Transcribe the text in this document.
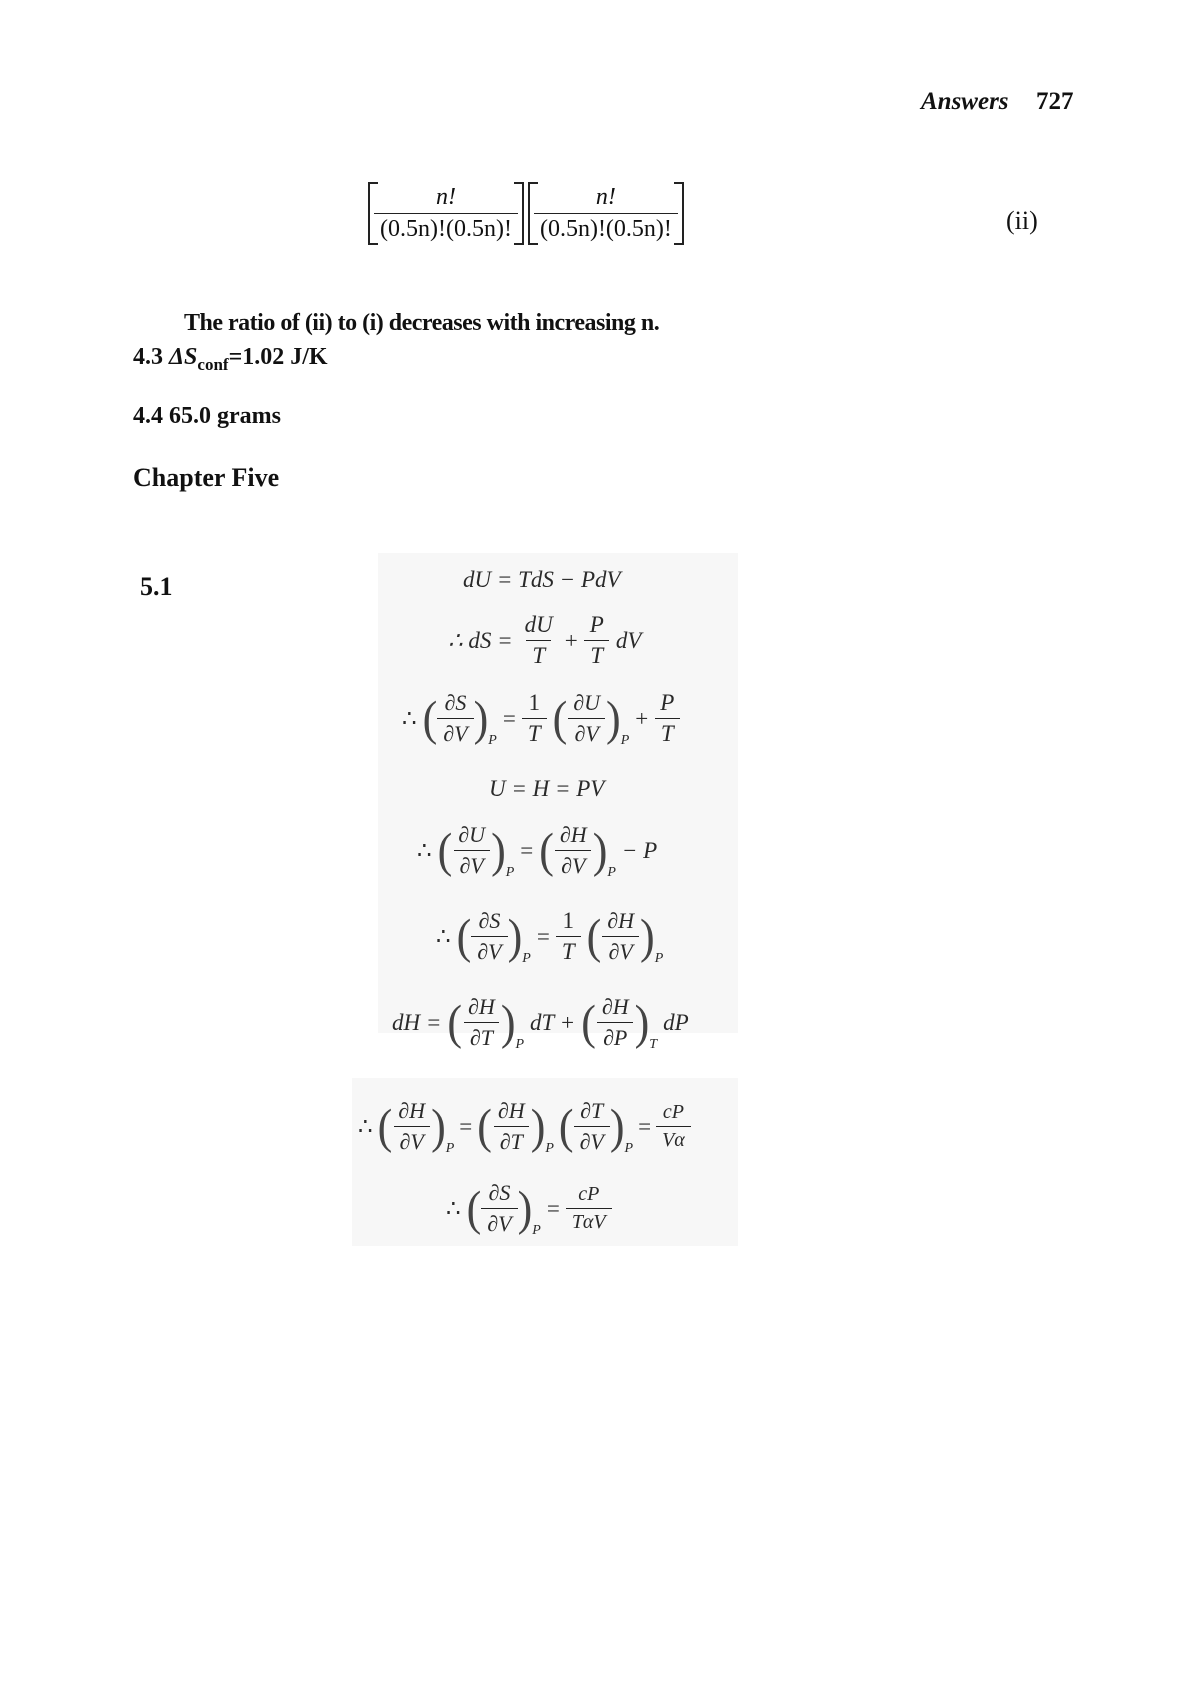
Answers 727
$\frac{n!}{(0.5n)!(0.5n)!} \frac{n!}{(0.5n)!(0.5n)!}$	(ii)
The ratio of (ii) to (i) decreases with increasing n.
4.3 $\Delta S_{conf}=1.02$ J/K
4.4 65.0 grams
Chapter Five
5.1	dU = TdS − PdV
∴ dS = $\frac{dU}{T} + \frac{P}{T}$ dV
∴ ( $\frac{\partial S}{\partial V}$ ) P
= $\frac{1}{T}$ ( $\frac{\partial U}{\partial V}$ ) P
+ $\frac{P}{T}$
U = H = PV
∴ ( $\frac{\partial U}{\partial V}$ ) P
= ( $\frac{\partial H}{\partial V}$ ) P
− P
∴ ( $\frac{\partial S}{\partial V}$ ) P
= $\frac{1}{T}$ ( $\frac{\partial H}{\partial V}$ ) P
dH = ( $\frac{\partial H}{\partial T}$ ) P
dT + ( $\frac{\partial H}{\partial P}$ ) T
dP
∴ ( $\frac{\partial H}{\partial V}$ ) P
= ( $\frac{\partial H}{\partial T}$ ) P ( $\frac{\partial T}{\partial V}$ ) P
= $\frac{cP}{V\alpha}$
∴ ( $\frac{\partial S}{\partial V}$ ) P
= $\frac{cP}{\text{TαV}}$
